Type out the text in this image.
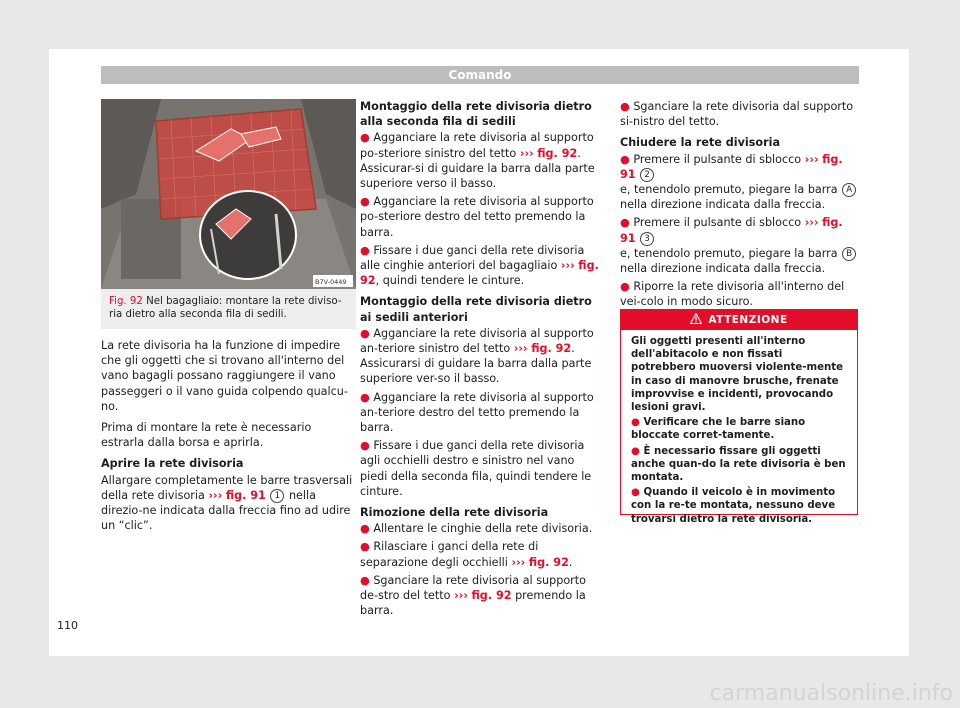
Comando
B7V-0449
Fig. 92 Nel bagagliaio: montare la rete diviso-ria dietro alla seconda fila di sedili.

La rete divisoria ha la funzione di impedire che gli oggetti che si trovano all'interno del vano bagagli possano raggiungere il vano passeggeri o il vano guida colpendo qualcu-no.

Prima di montare la rete è necessario estrarla dalla borsa e aprirla.

Aprire la rete divisoria

Allargare completamente le barre trasversali della rete divisoria ››› fig. 91 1 nella direzio-ne indicata dalla freccia fino ad udire un “clic”.

Montaggio della rete divisoria dietro alla seconda fila di sedili

● Agganciare la rete divisoria al supporto po-steriore sinistro del tetto ››› fig. 92. Assicurar-si di guidare la barra dalla parte superiore verso il basso.

● Agganciare la rete divisoria al supporto po-steriore destro del tetto premendo la barra.

● Fissare i due ganci della rete divisoria alle cinghie anteriori del bagagliaio ››› fig. 92, quindi tendere le cinture.

Montaggio della rete divisoria dietro ai sedili anteriori

● Agganciare la rete divisoria al supporto an-teriore sinistro del tetto ››› fig. 92. Assicurarsi di guidare la barra dalla parte superiore ver-so il basso.

● Agganciare la rete divisoria al supporto an-teriore destro del tetto premendo la barra.

● Fissare i due ganci della rete divisoria agli occhielli destro e sinistro nel vano piedi della seconda fila, quindi tendere le cinture.

Rimozione della rete divisoria

● Allentare le cinghie della rete divisoria.

● Rilasciare i ganci della rete di separazione degli occhielli ››› fig. 92.

● Sganciare la rete divisoria al supporto de-stro del tetto ››› fig. 92 premendo la barra.

● Sganciare la rete divisoria dal supporto si-nistro del tetto.

Chiudere la rete divisoria

● Premere il pulsante di sblocco ››› fig. 91 2
e, tenendolo premuto, piegare la barra A
nella direzione indicata dalla freccia.

● Premere il pulsante di sblocco ››› fig. 91 3
e, tenendolo premuto, piegare la barra B
nella direzione indicata dalla freccia.

● Riporre la rete divisoria all'interno del vei-colo in modo sicuro.

ATTENZIONE

Gli oggetti presenti all'interno dell'abitacolo e non fissati potrebbero muoversi violente-mente in caso di manovre brusche, frenate improvvise e incidenti, provocando lesioni gravi.

● Verificare che le barre siano bloccate corret-tamente.

● È necessario fissare gli oggetti anche quan-do la rete divisoria è ben montata.

● Quando il veicolo è in movimento con la re-te montata, nessuno deve trovarsi dietro la rete divisoria.

110
carmanualsonline.info
